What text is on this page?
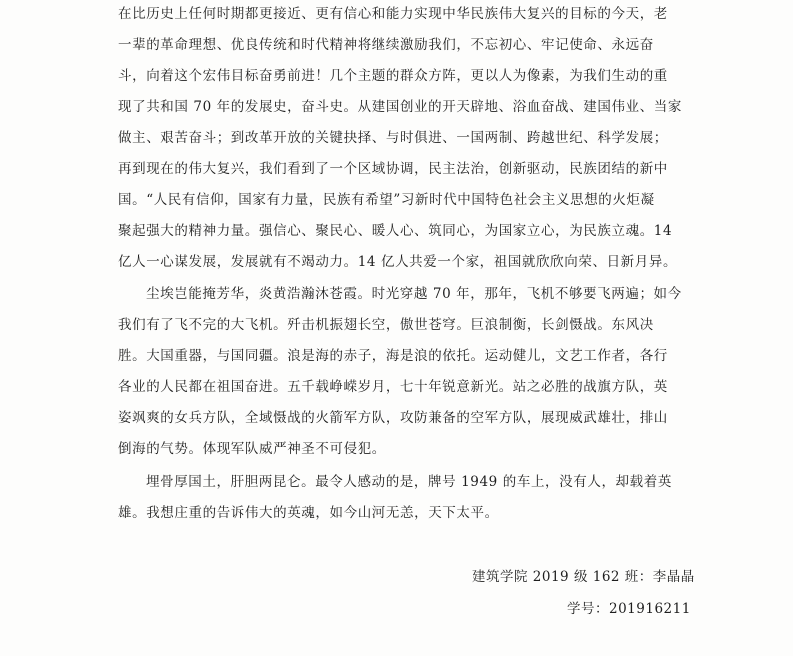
在比历史上任何时期都更接近、更有信心和能力实现中华民族伟大复兴的目标的今天，老
一辈的革命理想、优良传统和时代精神将继续激励我们，不忘初心、牢记使命、永远奋
斗，向着这个宏伟目标奋勇前进！几个主题的群众方阵，更以人为像素，为我们生动的重
现了共和国 70 年的发展史，奋斗史。从建国创业的开天辟地、浴血奋战、建国伟业、当家
做主、艰苦奋斗；到改革开放的关键抉择、与时俱进、一国两制、跨越世纪、科学发展；
再到现在的伟大复兴，我们看到了一个区域协调，民主法治，创新驱动，民族团结的新中
国。“人民有信仰，国家有力量，民族有希望”习新时代中国特色社会主义思想的火炬凝
聚起强大的精神力量。强信心、聚民心、暖人心、筑同心，为国家立心，为民族立魂。14
亿人一心谋发展，发展就有不竭动力。14 亿人共爱一个家，祖国就欣欣向荣、日新月异。
尘埃岂能掩芳华，炎黄浩瀚沐苍霞。时光穿越 70 年，那年，飞机不够要飞两遍；如今
我们有了飞不完的大飞机。歼击机振翅长空，傲世苍穹。巨浪制衡，长剑慑战。东风决
胜。大国重器，与国同疆。浪是海的赤子，海是浪的依托。运动健儿，文艺工作者，各行
各业的人民都在祖国奋进。五千载峥嵘岁月，七十年锐意新光。站之必胜的战旗方队，英
姿飒爽的女兵方队，全域慑战的火箭军方队，攻防兼备的空军方队，展现威武雄壮，排山
倒海的气势。体现军队威严神圣不可侵犯。
埋骨厚国土，肝胆两昆仑。最令人感动的是，牌号 1949 的车上，没有人，却载着英
雄。我想庄重的告诉伟大的英魂，如今山河无恙，天下太平。
建筑学院 2019 级 162 班：李晶晶
学号：201916211
